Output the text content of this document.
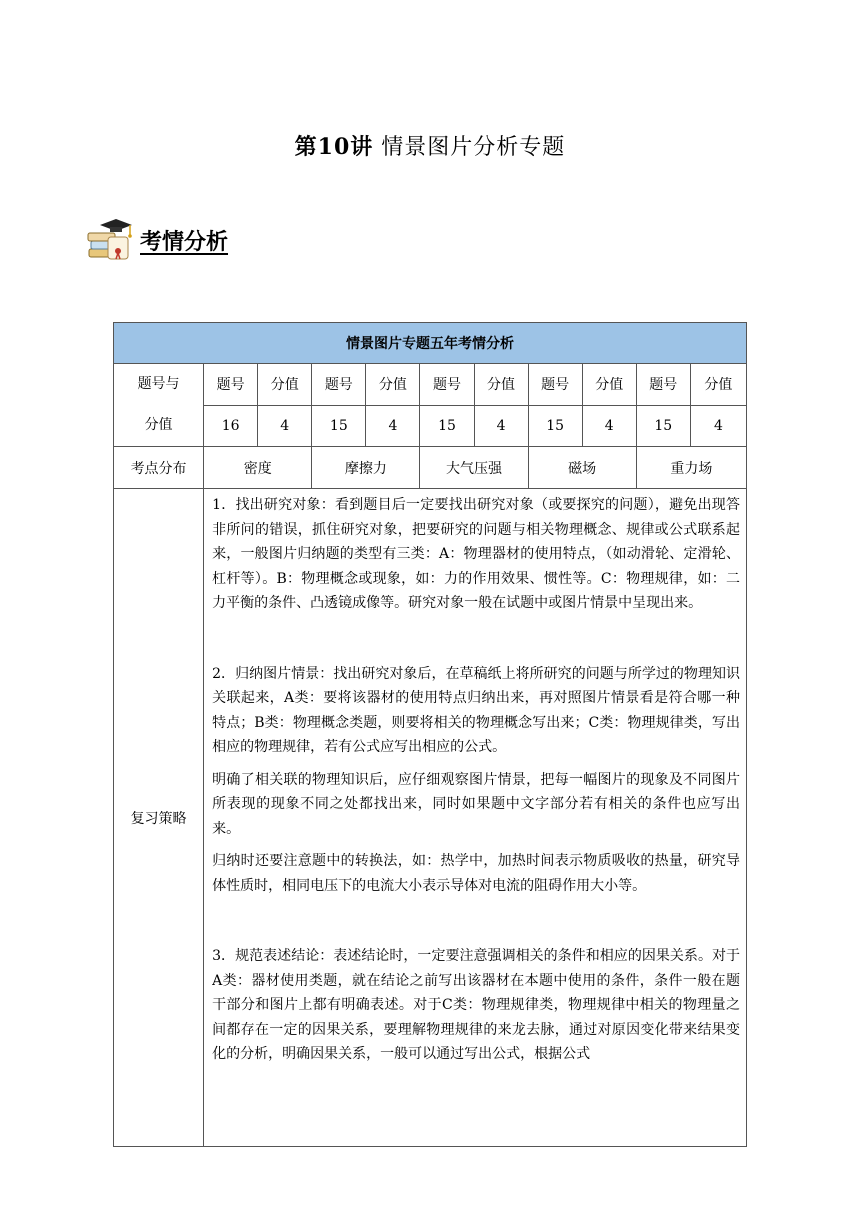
第10讲 情景图片分析专题
考情分析
情景图片专题五年考情分析										

题号与
分值	题号	分值	题号	分值	题号	分值	题号	分值	题号	分值
	16	4	15	4	15	4	15	4	15	4
考点分布	密度		摩擦力		大气压强		磁场		重力场	
复习策略	1．找出研究对象：看到题目后一定要找出研究对象（或要探究的问题），避免出现答非所问的错误，抓住研究对象，把要研究的问题与相关物理概念、规律或公式联系起来，一般图片归纳题的类型有三类：A：物理器材的使用特点，（如动滑轮、定滑轮、杠杆等）。B：物理概念或现象，如：力的作用效果、惯性等。C：物理规律，如：二力平衡的条件、凸透镜成像等。研究对象一般在试题中或图片情景中呈现出来。

2．归纳图片情景：找出研究对象后，在草稿纸上将所研究的问题与所学过的物理知识关联起来，A类：要将该器材的使用特点归纳出来，再对照图片情景看是符合哪一种特点；B类：物理概念类题，则要将相关的物理概念写出来；C类：物理规律类，写出相应的物理规律，若有公式应写出相应的公式。

明确了相关联的物理知识后，应仔细观察图片情景，把每一幅图片的现象及不同图片所表现的现象不同之处都找出来，同时如果题中文字部分若有相关的条件也应写出来。

归纳时还要注意题中的转换法，如：热学中，加热时间表示物质吸收的热量，研究导体性质时，相同电压下的电流大小表示导体对电流的阻碍作用大小等。

3．规范表述结论：表述结论时，一定要注意强调相关的条件和相应的因果关系。对于A类：器材使用类题，就在结论之前写出该器材在本题中使用的条件，条件一般在题干部分和图片上都有明确表述。对于C类：物理规律类，物理规律中相关的物理量之间都存在一定的因果关系，要理解物理规律的来龙去脉，通过对原因变化带来结果变化的分析，明确因果关系，一般可以通过写出公式，根据公式									
